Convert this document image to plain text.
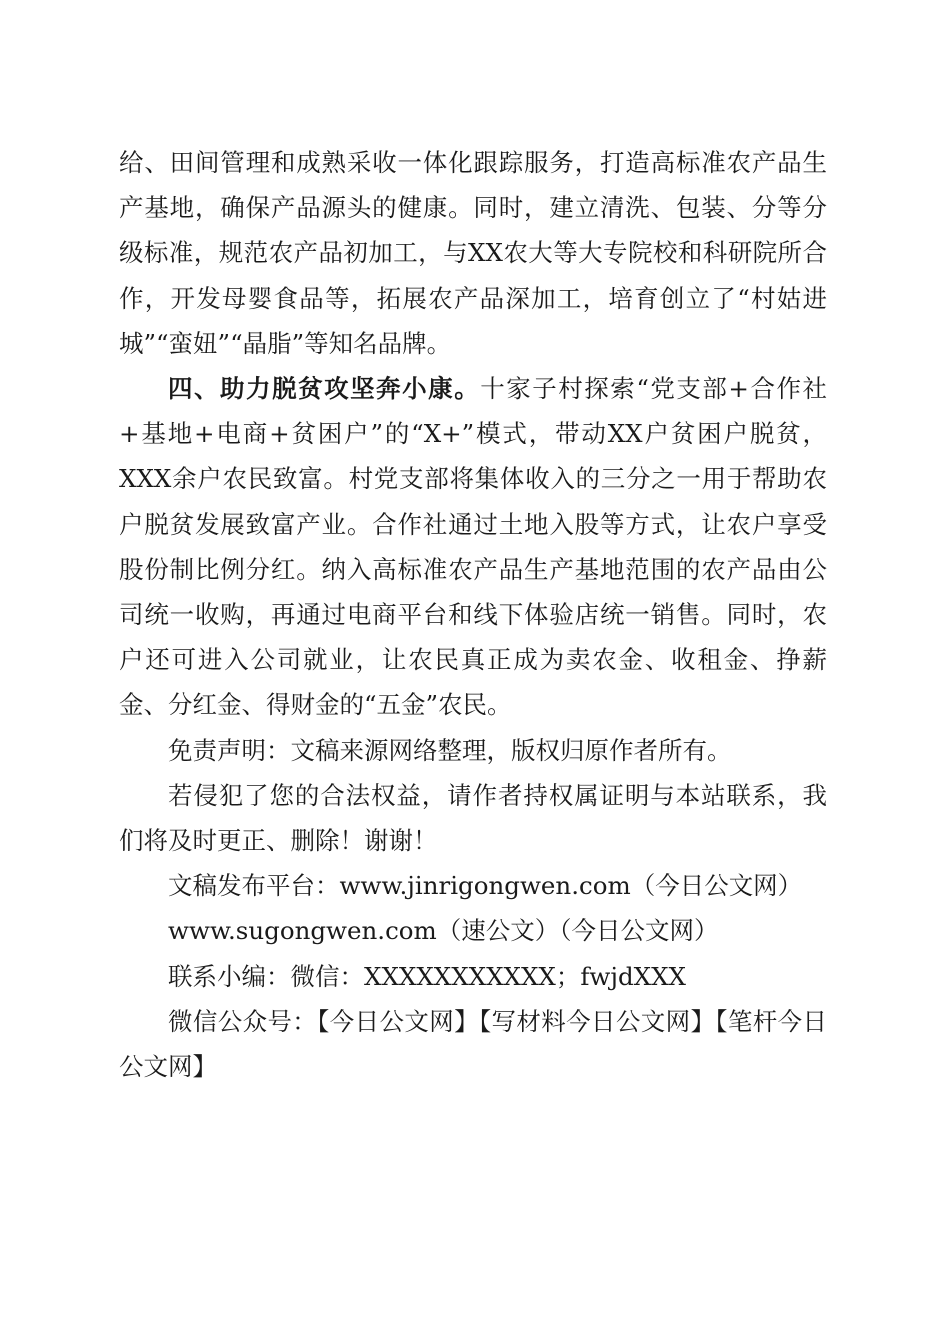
给、田间管理和成熟采收一体化跟踪服务，打造高标准农产品生产基地，确保产品源头的健康。同时，建立清洗、包装、分等分级标准，规范农产品初加工，与XX农大等大专院校和科研院所合作，开发母婴食品等，拓展农产品深加工，培育创立了“村姑进城”“蛮妞”“晶脂”等知名品牌。

四、助力脱贫攻坚奔小康。十家子村探索“党支部+合作社+基地+电商+贫困户”的“X+”模式，带动XX户贫困户脱贫，XXX余户农民致富。村党支部将集体收入的三分之一用于帮助农户脱贫发展致富产业。合作社通过土地入股等方式，让农户享受股份制比例分红。纳入高标准农产品生产基地范围的农产品由公司统一收购，再通过电商平台和线下体验店统一销售。同时，农户还可进入公司就业，让农民真正成为卖农金、收租金、挣薪金、分红金、得财金的“五金”农民。

免责声明：文稿来源网络整理，版权归原作者所有。

若侵犯了您的合法权益，请作者持权属证明与本站联系，我们将及时更正、删除！谢谢！

文稿发布平台：www.jinrigongwen.com（今日公文网）

www.sugongwen.com（速公文）（今日公文网）

联系小编：微信：XXXXXXXXXXX；fwjdXXX

微信公众号：【今日公文网】【写材料今日公文网】【笔杆今日公文网】
